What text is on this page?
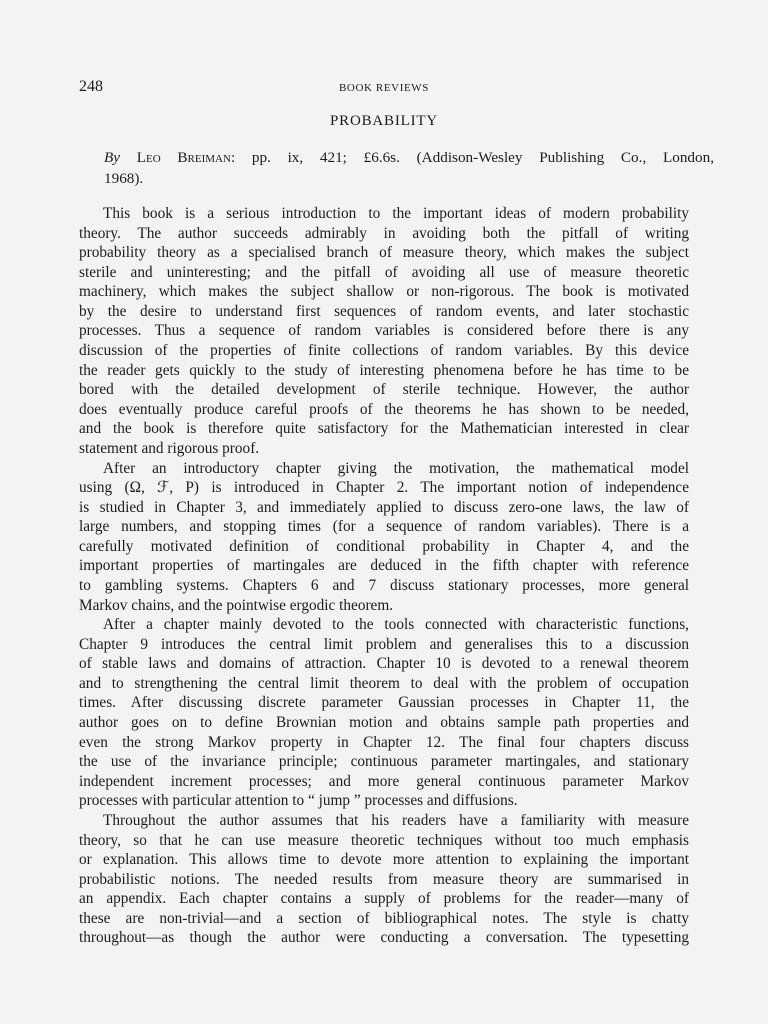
248	BOOK REVIEWS
PROBABILITY
By Leo Breiman: pp. ix, 421; £6.6s. (Addison-Wesley Publishing Co., London,
1968).
This book is a serious introduction to the important ideas of modern probability
theory. The author succeeds admirably in avoiding both the pitfall of writing
probability theory as a specialised branch of measure theory, which makes the subject
sterile and uninteresting; and the pitfall of avoiding all use of measure theoretic
machinery, which makes the subject shallow or non-rigorous. The book is motivated
by the desire to understand first sequences of random events, and later stochastic
processes. Thus a sequence of random variables is considered before there is any
discussion of the properties of finite collections of random variables. By this device
the reader gets quickly to the study of interesting phenomena before he has time to be
bored with the detailed development of sterile technique. However, the author
does eventually produce careful proofs of the theorems he has shown to be needed,
and the book is therefore quite satisfactory for the Mathematician interested in clear
statement and rigorous proof.
After an introductory chapter giving the motivation, the mathematical model
using (Ω, ℱ, P) is introduced in Chapter 2. The important notion of independence
is studied in Chapter 3, and immediately applied to discuss zero-one laws, the law of
large numbers, and stopping times (for a sequence of random variables). There is a
carefully motivated definition of conditional probability in Chapter 4, and the
important properties of martingales are deduced in the fifth chapter with reference
to gambling systems. Chapters 6 and 7 discuss stationary processes, more general
Markov chains, and the pointwise ergodic theorem.
After a chapter mainly devoted to the tools connected with characteristic functions,
Chapter 9 introduces the central limit problem and generalises this to a discussion
of stable laws and domains of attraction. Chapter 10 is devoted to a renewal theorem
and to strengthening the central limit theorem to deal with the problem of occupation
times. After discussing discrete parameter Gaussian processes in Chapter 11, the
author goes on to define Brownian motion and obtains sample path properties and
even the strong Markov property in Chapter 12. The final four chapters discuss
the use of the invariance principle; continuous parameter martingales, and stationary
independent increment processes; and more general continuous parameter Markov
processes with particular attention to “ jump ” processes and diffusions.
Throughout the author assumes that his readers have a familiarity with measure
theory, so that he can use measure theoretic techniques without too much emphasis
or explanation. This allows time to devote more attention to explaining the important
probabilistic notions. The needed results from measure theory are summarised in
an appendix. Each chapter contains a supply of problems for the reader—many of
these are non-trivial—and a section of bibliographical notes. The style is chatty
throughout—as though the author were conducting a conversation. The typesetting
